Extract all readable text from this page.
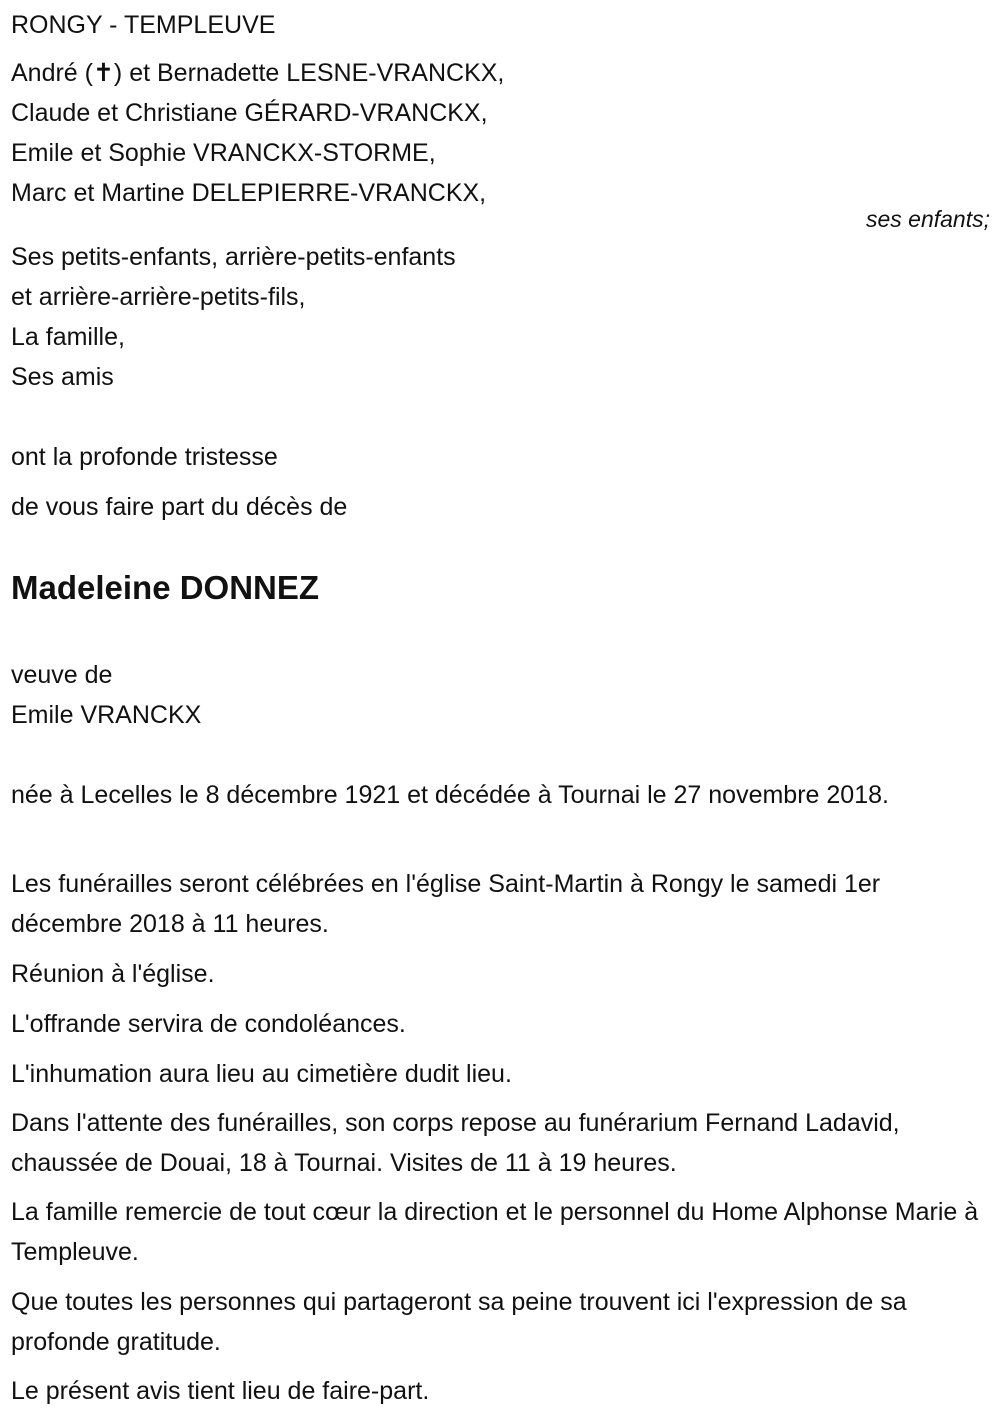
RONGY - TEMPLEUVE
André (✝) et Bernadette LESNE-VRANCKX,
Claude et Christiane GÉRARD-VRANCKX,
Emile et Sophie VRANCKX-STORME,
Marc et Martine DELEPIERRE-VRANCKX,
ses enfants;
Ses petits-enfants, arrière-petits-enfants
et arrière-arrière-petits-fils,
La famille,
Ses amis
ont la profonde tristesse
de vous faire part du décès de
Madeleine DONNEZ
veuve de
Emile VRANCKX
née à Lecelles le 8 décembre 1921 et décédée à Tournai le 27 novembre 2018.
Les funérailles seront célébrées en l'église Saint-Martin à Rongy le samedi 1er décembre 2018 à 11 heures.
Réunion à l'église.
L'offrande servira de condoléances.
L'inhumation aura lieu au cimetière dudit lieu.
Dans l'attente des funérailles, son corps repose au funérarium Fernand Ladavid, chaussée de Douai, 18 à Tournai. Visites de 11 à 19 heures.
La famille remercie de tout cœur la direction et le personnel du Home Alphonse Marie à Templeuve.
Que toutes les personnes qui partageront sa peine trouvent ici l'expression de sa profonde gratitude.
Le présent avis tient lieu de faire-part.
